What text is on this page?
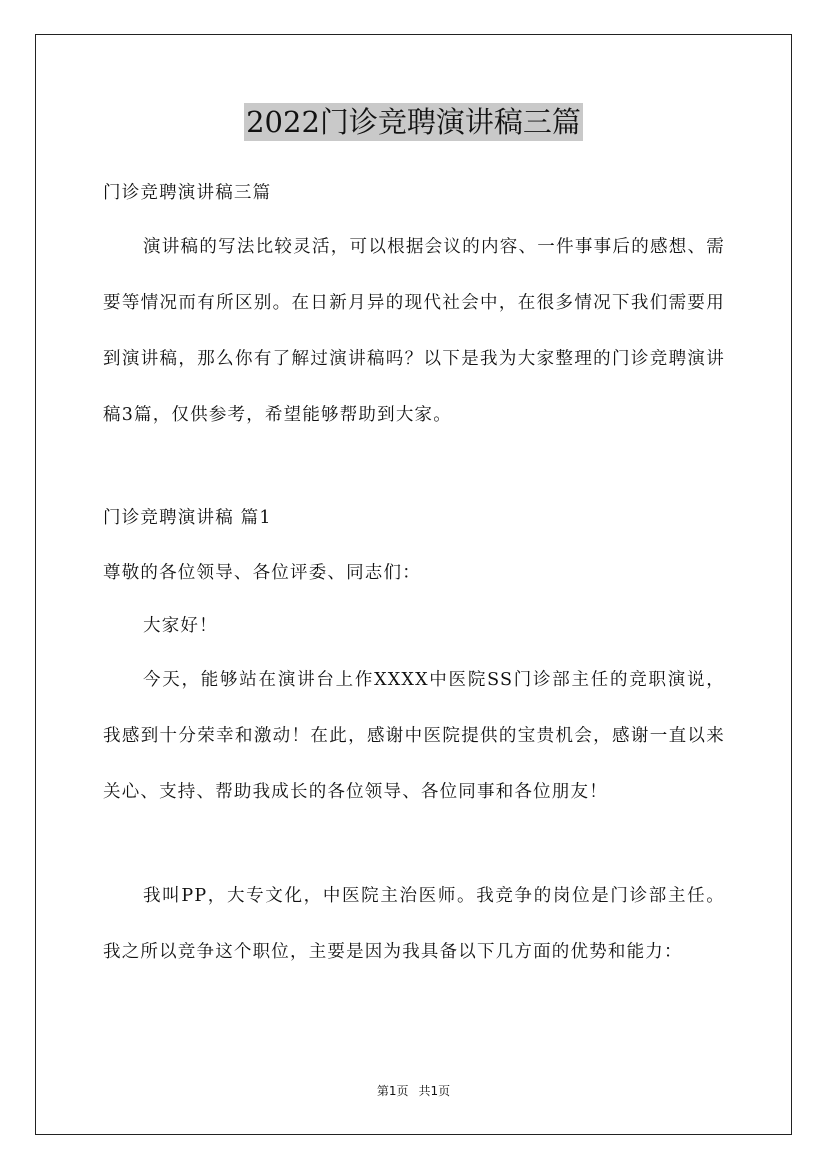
2022门诊竞聘演讲稿三篇

门诊竞聘演讲稿三篇

演讲稿的写法比较灵活，可以根据会议的内容、一件事事后的感想、需要等情况而有所区别。在日新月异的现代社会中，在很多情况下我们需要用到演讲稿，那么你有了解过演讲稿吗？以下是我为大家整理的门诊竞聘演讲稿3篇，仅供参考，希望能够帮助到大家。

门诊竞聘演讲稿 篇1

尊敬的各位领导、各位评委、同志们：

大家好！

今天，能够站在演讲台上作XXXX中医院SS门诊部主任的竞职演说，我感到十分荣幸和激动！在此，感谢中医院提供的宝贵机会，感谢一直以来关心、支持、帮助我成长的各位领导、各位同事和各位朋友！

我叫PP，大专文化，中医院主治医师。我竞争的岗位是门诊部主任。我之所以竞争这个职位，主要是因为我具备以下几方面的优势和能力：

第1页 共1页
